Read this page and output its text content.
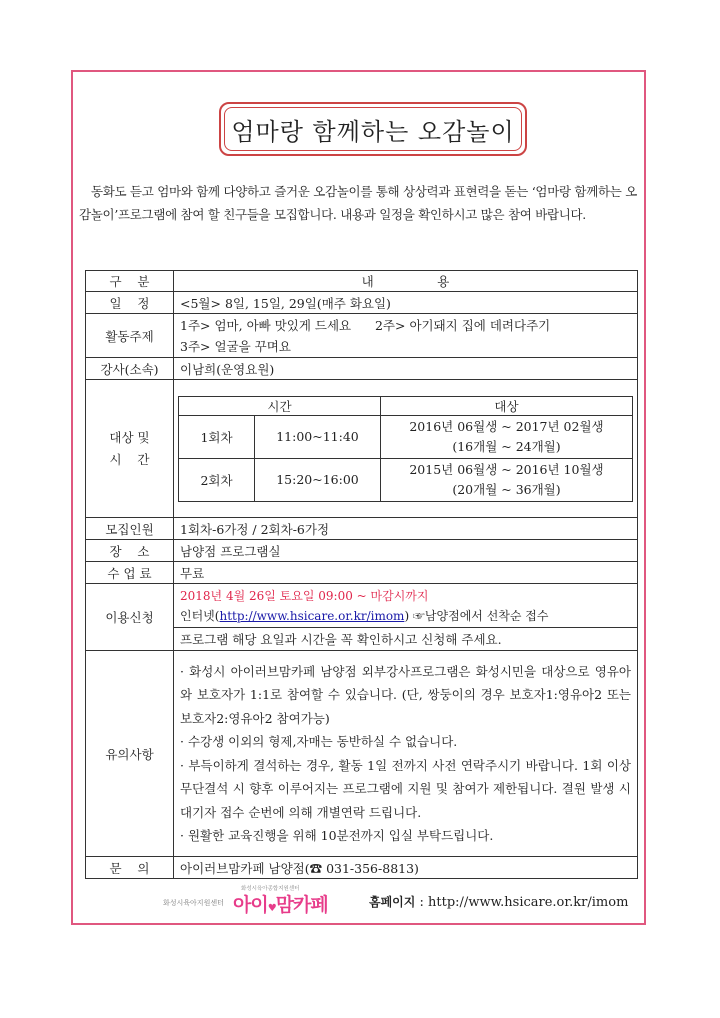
엄마랑 함께하는 오감놀이
동화도 듣고 엄마와 함께 다양하고 즐거운 오감놀이를 통해 상상력과 표현력을 돋는 ‘엄마랑 함께하는 오감놀이’프로그램에 참여 할 친구들을 모집합니다. 내용과 일정을 확인하시고 많은 참여 바랍니다.
구    분	내                용
일    정	<5월> 8일, 15일, 29일(매주 화요일)
활동주제	1주> 엄마, 아빠 맛있게 드세요 2주> 아기돼지 집에 데려다주기
3주> 얼굴을 꾸며요
강사(소속)	이남희(운영요원)
대상 및
시    간	
시간	대상
1회차	11:00~11:40	2016년 06월생 ~ 2017년 02월생
(16개월 ~ 24개월)
2회차	15:20~16:00	2015년 06월생 ~ 2016년 10월생
(20개월 ~ 36개월)

모집인원	1회차-6가정 / 2회차-6가정
장    소	남양점 프로그램실
수 업 료	무료
이용신청	2018년 4월 26일 토요일 09:00 ~ 마감시까지
인터넷(http://www.hsicare.or.kr/imom) ☞남양점에서 선착순 접수
프로그램 해당 요일과 시간을 꼭 확인하시고 신청해 주세요.
유의사항	
· 화성시 아이러브맘카페 남양점 외부강사프로그램은 화성시민을 대상으로 영유아와 보호자가 1:1로 참여할 수 있습니다. (단, 쌍둥이의 경우 보호자1:영유아2 또는 보호자2:영유아2 참여가능)
· 수강생 이외의 형제,자매는 동반하실 수 없습니다.
· 부득이하게 결석하는 경우, 활동 1일 전까지 사전 연락주시기 바랍니다. 1회 이상 무단결석 시 향후 이루어지는 프로그램에 지원 및 참여가 제한됩니다. 결원 발생 시 대기자 접수 순번에 의해 개별연락 드립니다.
· 원활한 교육진행을 위해 10분전까지 입실 부탁드립니다.

문    의	아이러브맘카페 남양점(☎ 031-356-8813)
화성시육아지원센터
화성시육아종합지원센터
아이♥맘카페	홈페이지 : http://www.hsicare.or.kr/imom
